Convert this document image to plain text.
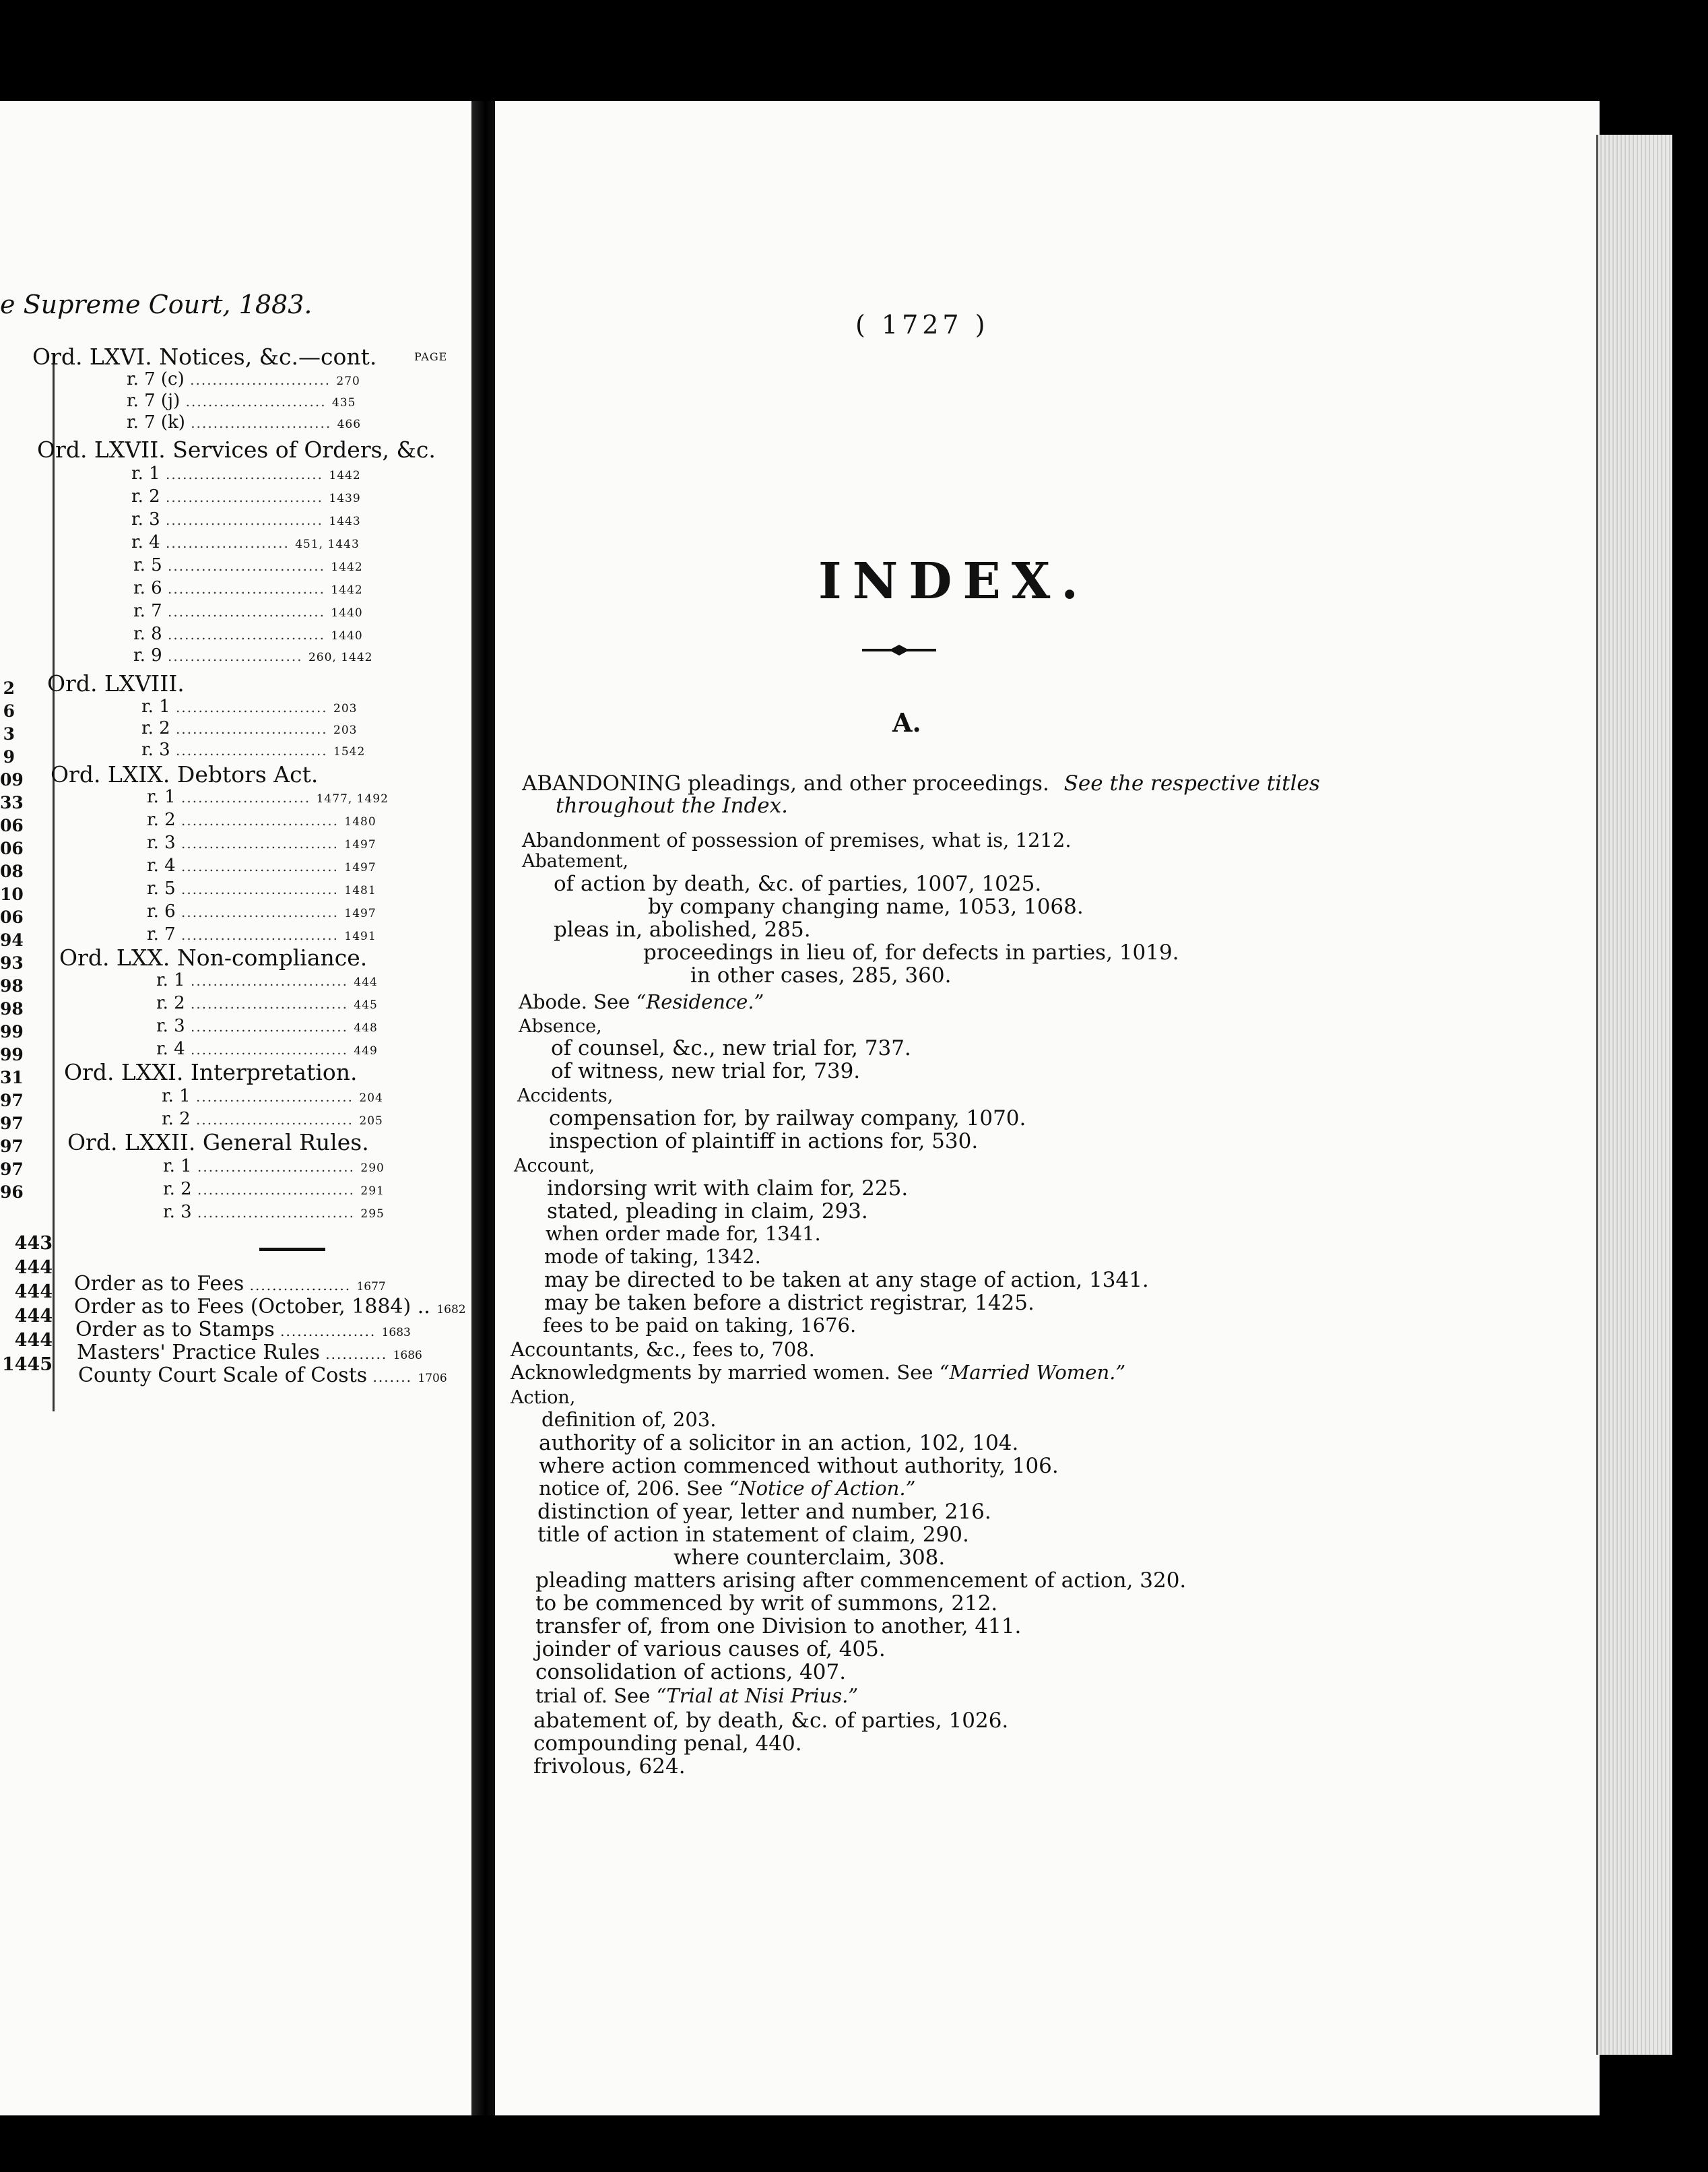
e Supreme Court, 1883.
PAGE
2
6
3
9
09
33
06
06
08
10
06
94
93
98
98
99
99
31
97
97
97
97
96
443
444
444
444
444
1445
Ord. LXVI. Notices, &c.—cont.
r. 7 (c) ......................... 270
r. 7 (j) ......................... 435
r. 7 (k) ......................... 466
Ord. LXVII. Services of Orders, &c.
r. 1 ............................ 1442
r. 2 ............................ 1439
r. 3 ............................ 1443
r. 4 ...................... 451, 1443
r. 5 ............................ 1442
r. 6 ............................ 1442
r. 7 ............................ 1440
r. 8 ............................ 1440
r. 9 ........................ 260, 1442
Ord. LXVIII.
r. 1 ........................... 203
r. 2 ........................... 203
r. 3 ........................... 1542
Ord. LXIX. Debtors Act.
r. 1 ....................... 1477, 1492
r. 2 ............................ 1480
r. 3 ............................ 1497
r. 4 ............................ 1497
r. 5 ............................ 1481
r. 6 ............................ 1497
r. 7 ............................ 1491
Ord. LXX. Non-compliance.
r. 1 ............................ 444
r. 2 ............................ 445
r. 3 ............................ 448
r. 4 ............................ 449
Ord. LXXI. Interpretation.
r. 1 ............................ 204
r. 2 ............................ 205
Ord. LXXII. General Rules.
r. 1 ............................ 290
r. 2 ............................ 291
r. 3 ............................ 295
Order as to Fees .................. 1677
Order as to Fees (October, 1884) .. 1682
Order as to Stamps ................. 1683
Masters' Practice Rules ........... 1686
County Court Scale of Costs ....... 1706
( 1727 )
INDEX.
A.
ABANDONING pleadings, and other proceedings. See the respective titles
throughout the Index.
Abandonment of possession of premises, what is, 1212.
Abatement,
of action by death, &c. of parties, 1007, 1025.
by company changing name, 1053, 1068.
pleas in, abolished, 285.
proceedings in lieu of, for defects in parties, 1019.
in other cases, 285, 360.
Abode. See “Residence.”
Absence,
of counsel, &c., new trial for, 737.
of witness, new trial for, 739.
Accidents,
compensation for, by railway company, 1070.
inspection of plaintiff in actions for, 530.
Account,
indorsing writ with claim for, 225.
stated, pleading in claim, 293.
when order made for, 1341.
mode of taking, 1342.
may be directed to be taken at any stage of action, 1341.
may be taken before a district registrar, 1425.
fees to be paid on taking, 1676.
Accountants, &c., fees to, 708.
Acknowledgments by married women. See “Married Women.”
Action,
definition of, 203.
authority of a solicitor in an action, 102, 104.
where action commenced without authority, 106.
notice of, 206. See “Notice of Action.”
distinction of year, letter and number, 216.
title of action in statement of claim, 290.
where counterclaim, 308.
pleading matters arising after commencement of action, 320.
to be commenced by writ of summons, 212.
transfer of, from one Division to another, 411.
joinder of various causes of, 405.
consolidation of actions, 407.
trial of. See “Trial at Nisi Prius.”
abatement of, by death, &c. of parties, 1026.
compounding penal, 440.
frivolous, 624.
